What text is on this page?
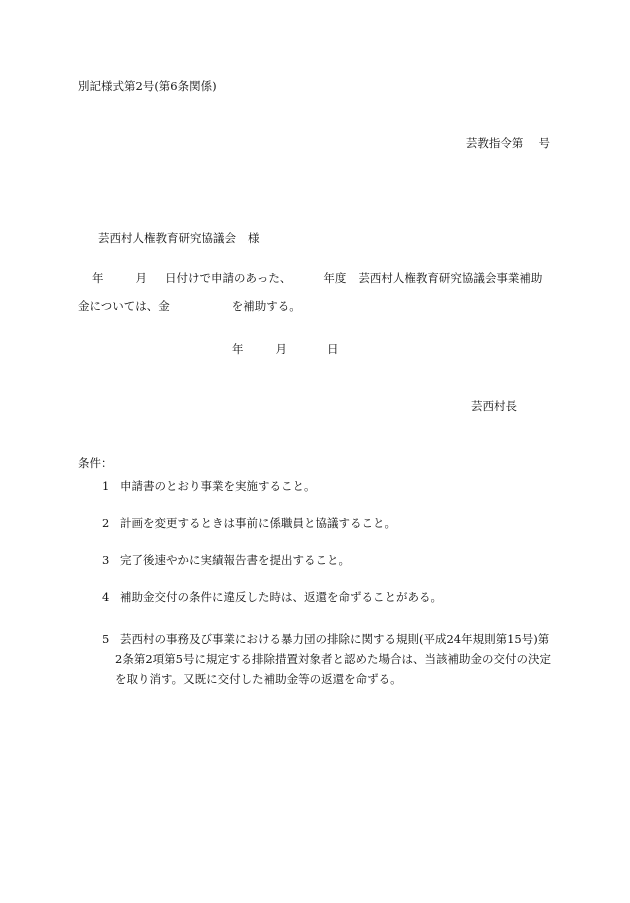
別記様式第2号(第6条関係)
芸教指令第　 号
芸西村人権教育研究協議会 様
年	月 日付けで申請のあった、	年度 芸西村人権教育研究協議会事業補助
金については、金	を補助する。
年	月	日
芸西村長
条件：
1 申請書のとおり事業を実施すること。
2 計画を変更するときは事前に係職員と協議すること。
3 完了後速やかに実績報告書を提出すること。
4 補助金交付の条件に違反した時は、返還を命ずることがある。
5 芸西村の事務及び事業における暴力団の排除に関する規則(平成24年規則第15号)第
2条第2項第5号に規定する排除措置対象者と認めた場合は、当該補助金の交付の決定
を取り消す。又既に交付した補助金等の返還を命ずる。
